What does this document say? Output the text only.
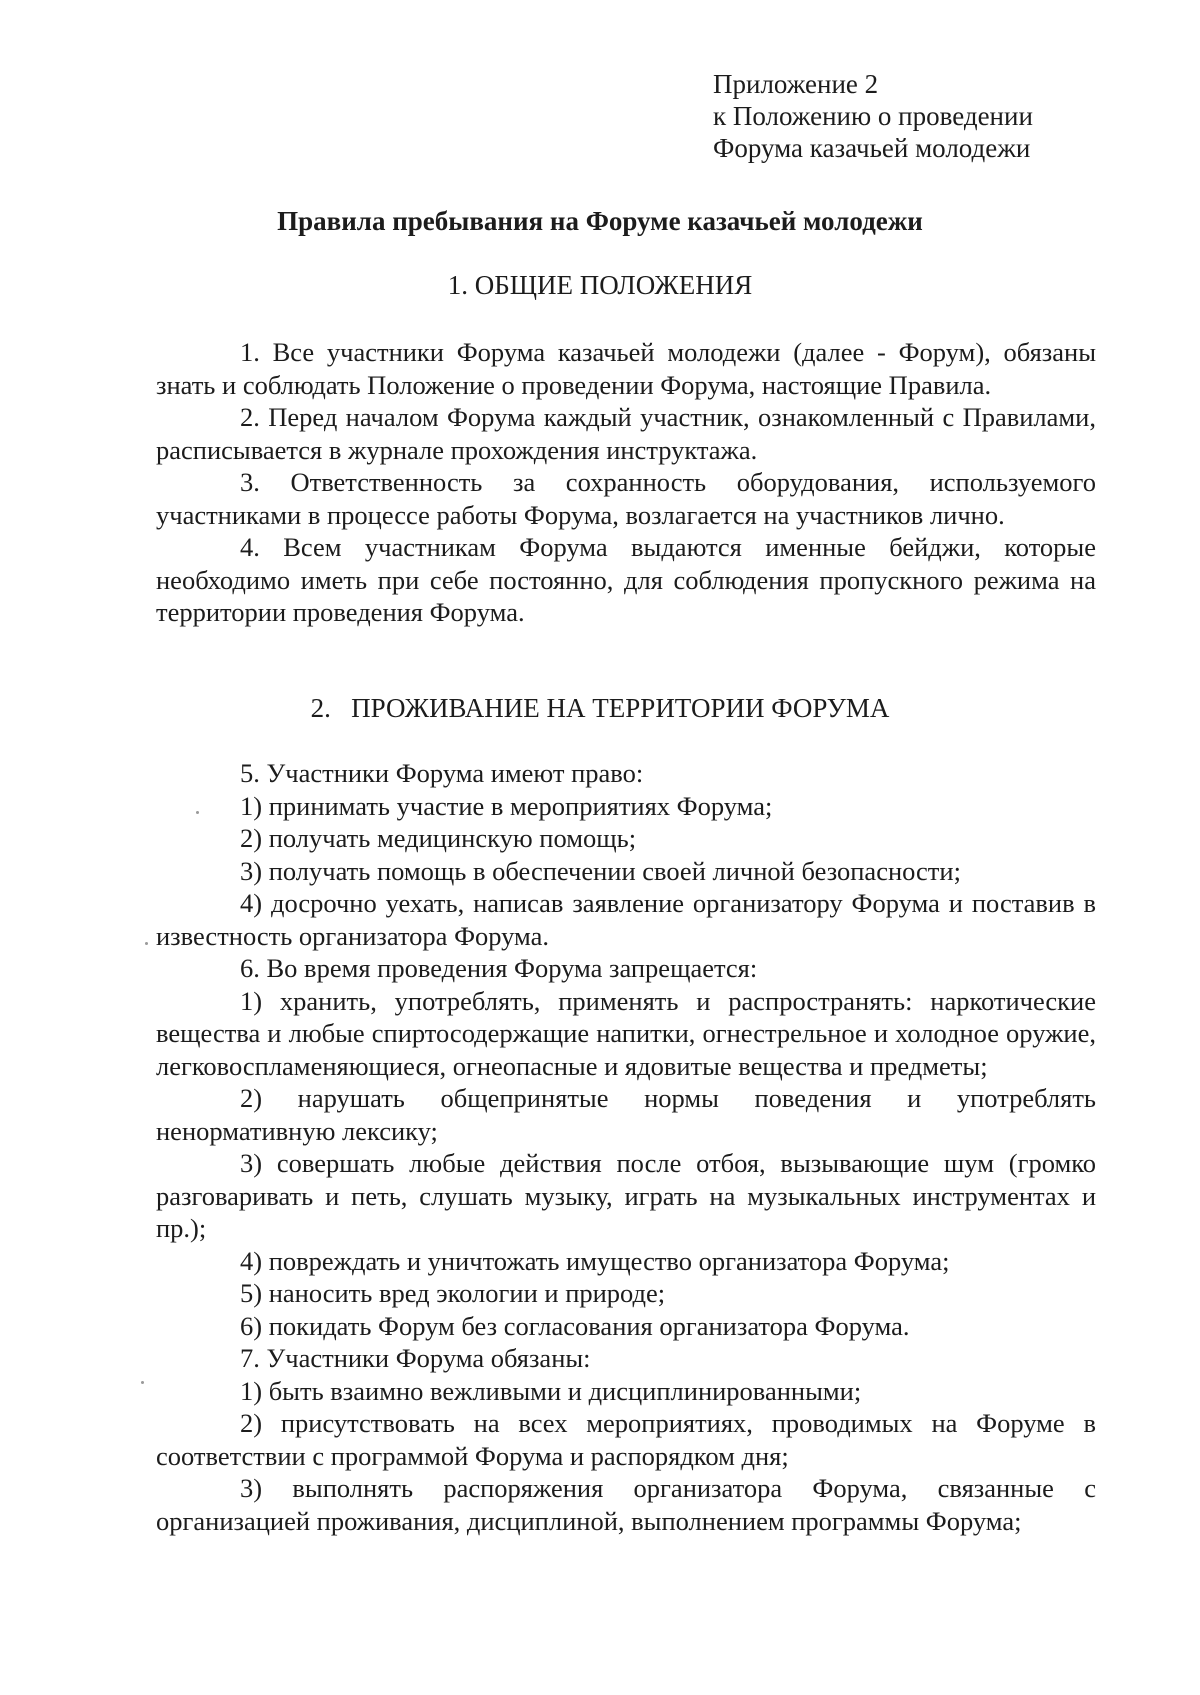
Приложение 2
к Положению о проведении
Форума казачьей молодежи
Правила пребывания на Форуме казачьей молодежи
1. ОБЩИЕ ПОЛОЖЕНИЯ

1. Все участники Форума казачьей молодежи (далее - Форум), обязаны знать и соблюдать Положение о проведении Форума, настоящие Правила.

2. Перед началом Форума каждый участник, ознакомленный с Правилами, расписывается в журнале прохождения инструктажа.

3. Ответственность за сохранность оборудования, используемого участниками в процессе работы Форума, возлагается на участников лично.

4. Всем участникам Форума выдаются именные бейджи, которые необходимо иметь при себе постоянно, для соблюдения пропускного режима на территории проведения Форума.

2.   ПРОЖИВАНИЕ НА ТЕРРИТОРИИ ФОРУМА

5. Участники Форума имеют право:

1) принимать участие в мероприятиях Форума;

2) получать медицинскую помощь;

3) получать помощь в обеспечении своей личной безопасности;

4) досрочно уехать, написав заявление организатору Форума и поставив в известность организатора Форума.

6. Во время проведения Форума запрещается:

1) хранить, употреблять, применять и распространять: наркотические вещества и любые спиртосодержащие напитки, огнестрельное и холодное оружие, легковоспламеняющиеся, огнеопасные и ядовитые вещества и предметы;

2) нарушать общепринятые нормы поведения и употреблять ненормативную лексику;

3) совершать любые действия после отбоя, вызывающие шум (громко разговаривать и петь, слушать музыку, играть на музыкальных инструментах и пр.);

4) повреждать и уничтожать имущество организатора Форума;

5) наносить вред экологии и природе;

6) покидать Форум без согласования организатора Форума.

7. Участники Форума обязаны:

1) быть взаимно вежливыми и дисциплинированными;

2) присутствовать на всех мероприятиях, проводимых на Форуме в соответствии с программой Форума и распорядком дня;

3) выполнять распоряжения организатора Форума, связанные с организацией проживания, дисциплиной, выполнением программы Форума;
